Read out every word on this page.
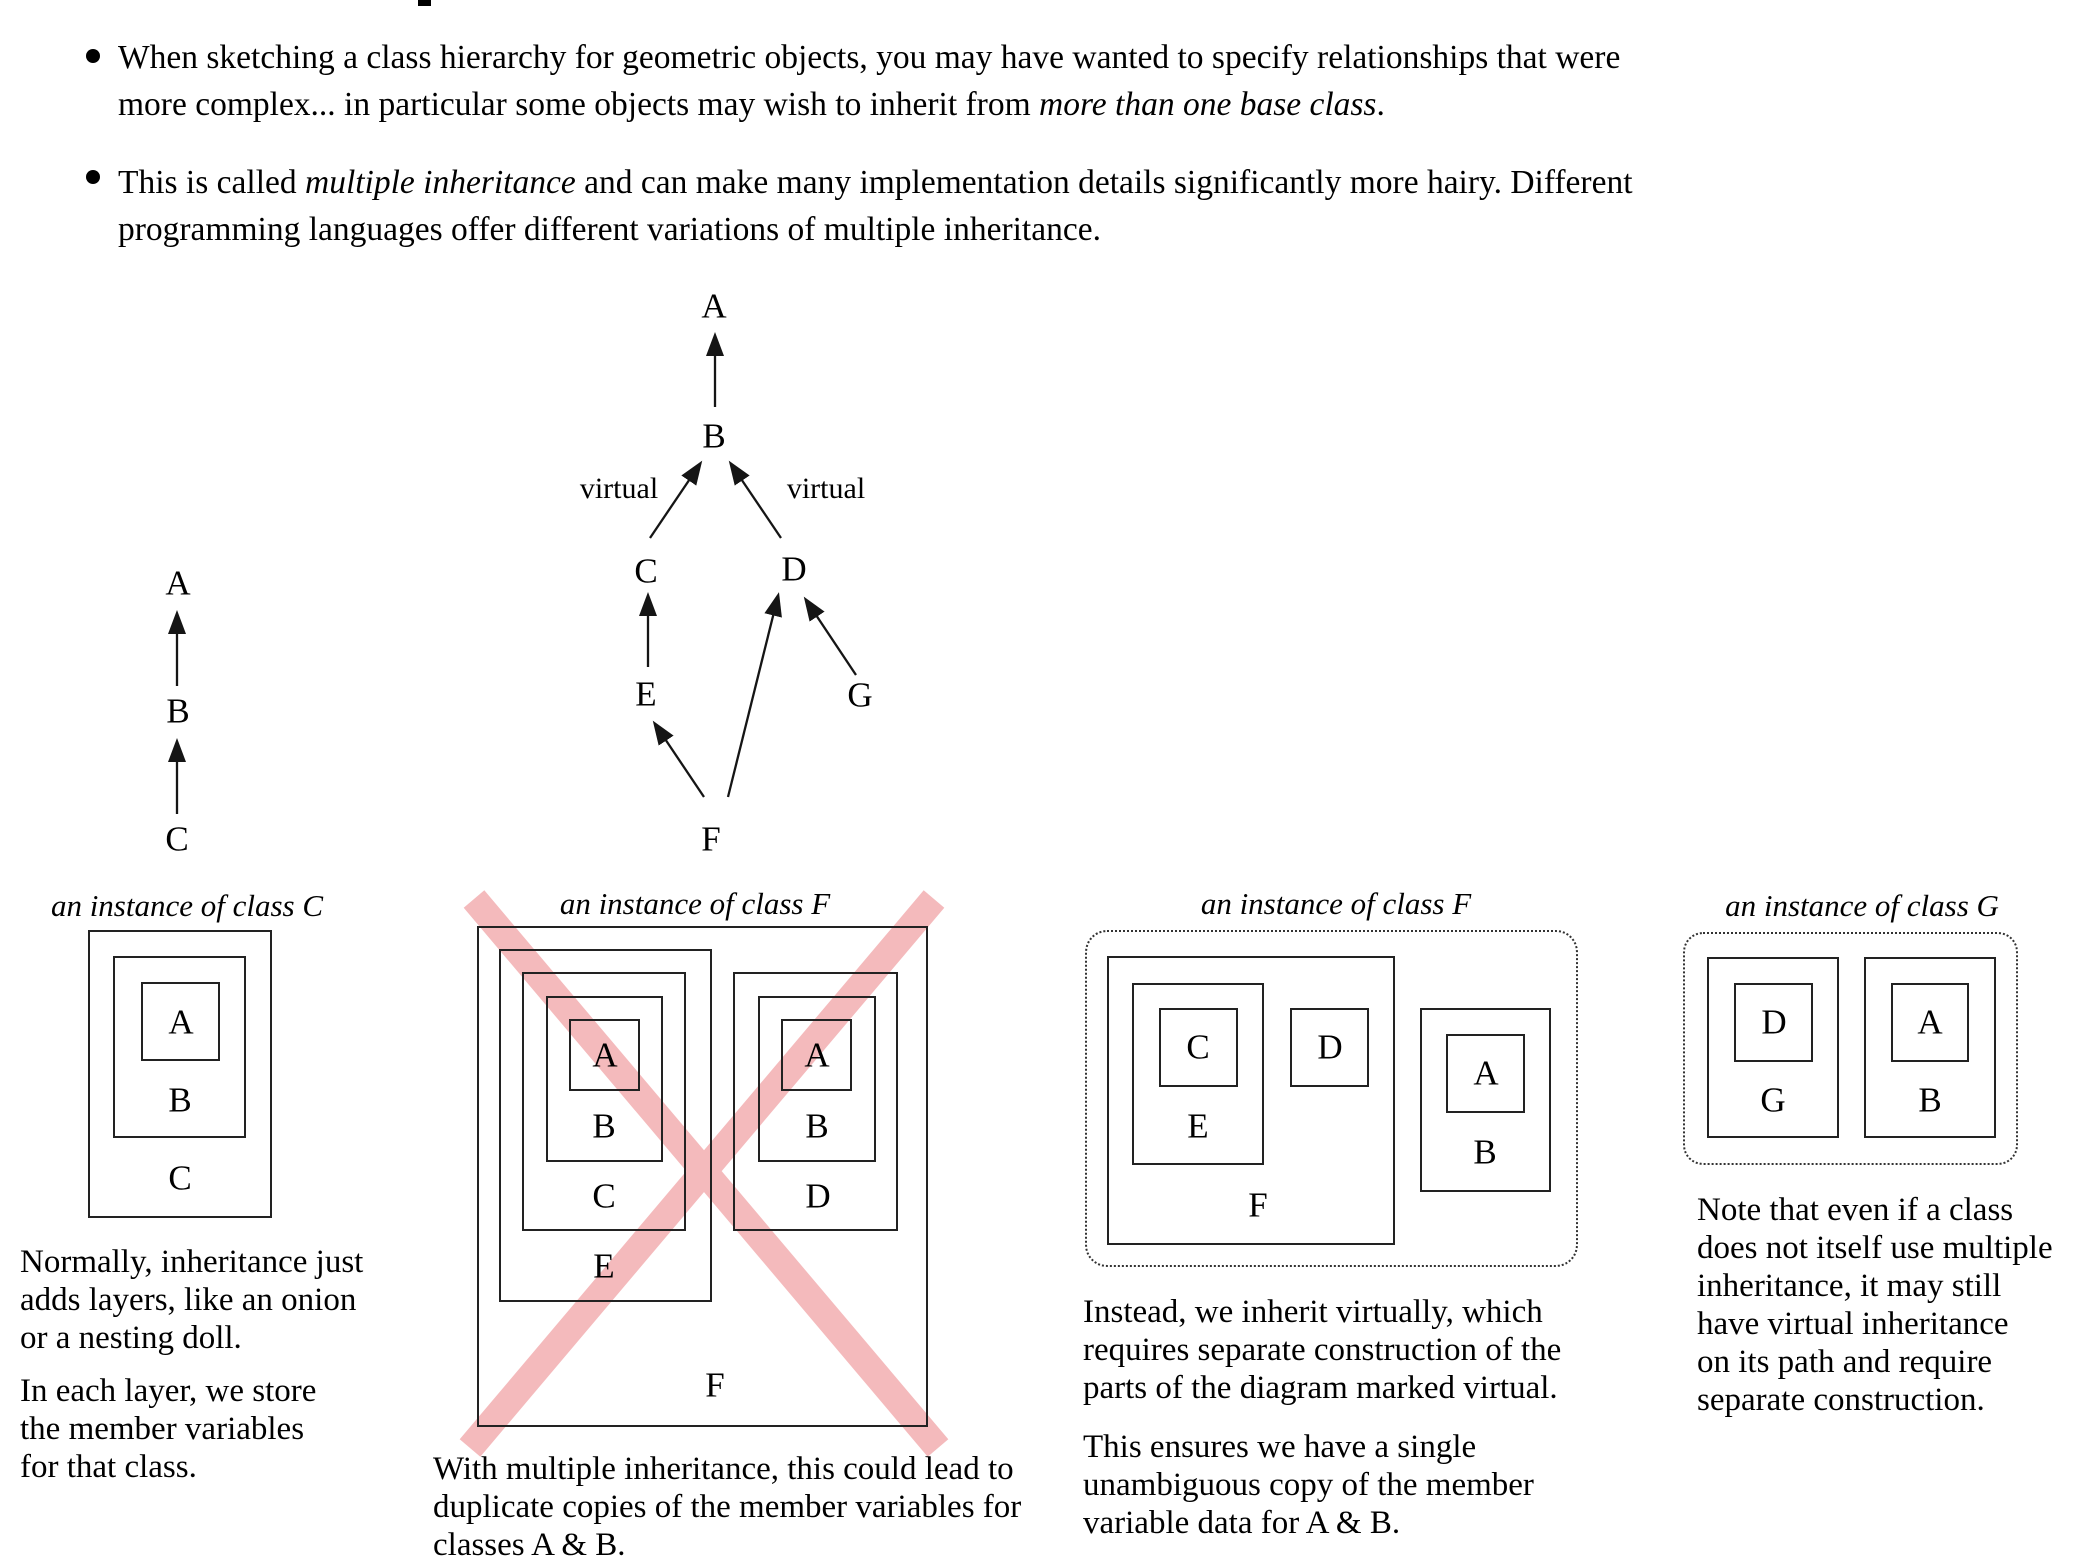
When sketching a class hierarchy for geometric objects, you may have wanted to specify relationships that were
more complex... in particular some objects may wish to inherit from more than one base class.
This is called multiple inheritance and can make many implementation details significantly more hairy. Different
programming languages offer different variations of multiple inheritance.
A
B
C
A
B
virtual	virtual
C	D
E	G
F
an instance of class C
A
B
C
Normally, inheritance just
adds layers, like an onion
or a nesting doll.
In each layer, we store
the member variables
for that class.
an instance of class F
A
B
C
E
A
B
D
F
With multiple inheritance, this could lead to
duplicate copies of the member variables for
classes A & B.
an instance of class F
C	D
E
F
A
B
Instead, we inherit virtually, which
requires separate construction of the
parts of the diagram marked virtual.
This ensures we have a single
unambiguous copy of the member
variable data for A & B.
an instance of class G
D
G
A
B
Note that even if a class
does not itself use multiple
inheritance, it may still
have virtual inheritance
on its path and require
separate construction.
